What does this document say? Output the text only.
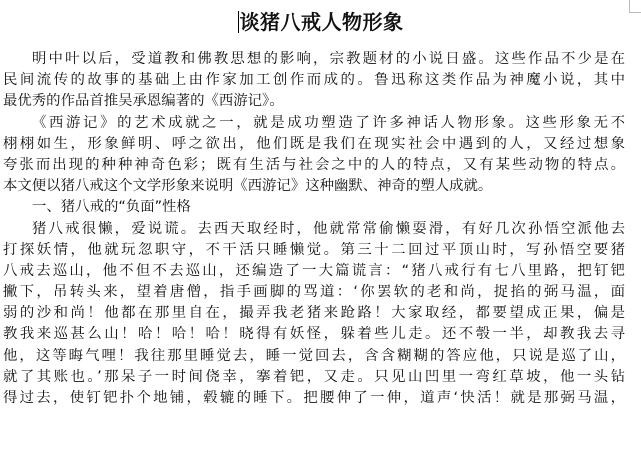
谈猪八戒人物形象
明中叶以后，受道教和佛教思想的影响，宗教题材的小说日盛。这些作品不少是在
民间流传的故事的基础上由作家加工创作而成的。鲁迅称这类作品为神魔小说，其中
最优秀的作品首推吴承恩编著的《西游记》。
《西游记》的艺术成就之一，就是成功塑造了许多神话人物形象。这些形象无不
栩栩如生，形象鲜明、呼之欲出，他们既是我们在现实社会中遇到的人，又经过想象
夸张而出现的种种神奇色彩；既有生活与社会之中的人的特点，又有某些动物的特点。
本文便以猪八戒这个文学形象来说明《西游记》这种幽默、神奇的塑人成就。
一、猪八戒的“负面”性格
猪八戒很懒，爱说谎。去西天取经时，他就常常偷懒耍滑，有好几次孙悟空派他去
打探妖情，他就玩忽职守，不干活只睡懒觉。第三十二回过平顶山时，写孙悟空要猪
八戒去巡山，他不但不去巡山，还编造了一大篇谎言：“猪八戒行有七八里路，把钉钯
撇下，吊转头来，望着唐僧，指手画脚的骂道：‘你罢软的老和尚，捉掐的弼马温，面
弱的沙和尚！他都在那里自在，撮弄我老猪来跄路！大家取经，都要望成正果，偏是
教我来巡甚么山！哈！哈！哈！晓得有妖怪，躲着些儿走。还不彀一半，却教我去寻
他，这等晦气哩！我往那里睡觉去，睡一觉回去，含含糊糊的答应他，只说是巡了山，
就了其账也。’那呆子一时间侥幸，搴着钯，又走。只见山凹里一弯红草坡，他一头钻
得过去，使钉钯扑个地铺，毂辘的睡下。把腰伸了一伸，道声‘快活！就是那弼马温，
